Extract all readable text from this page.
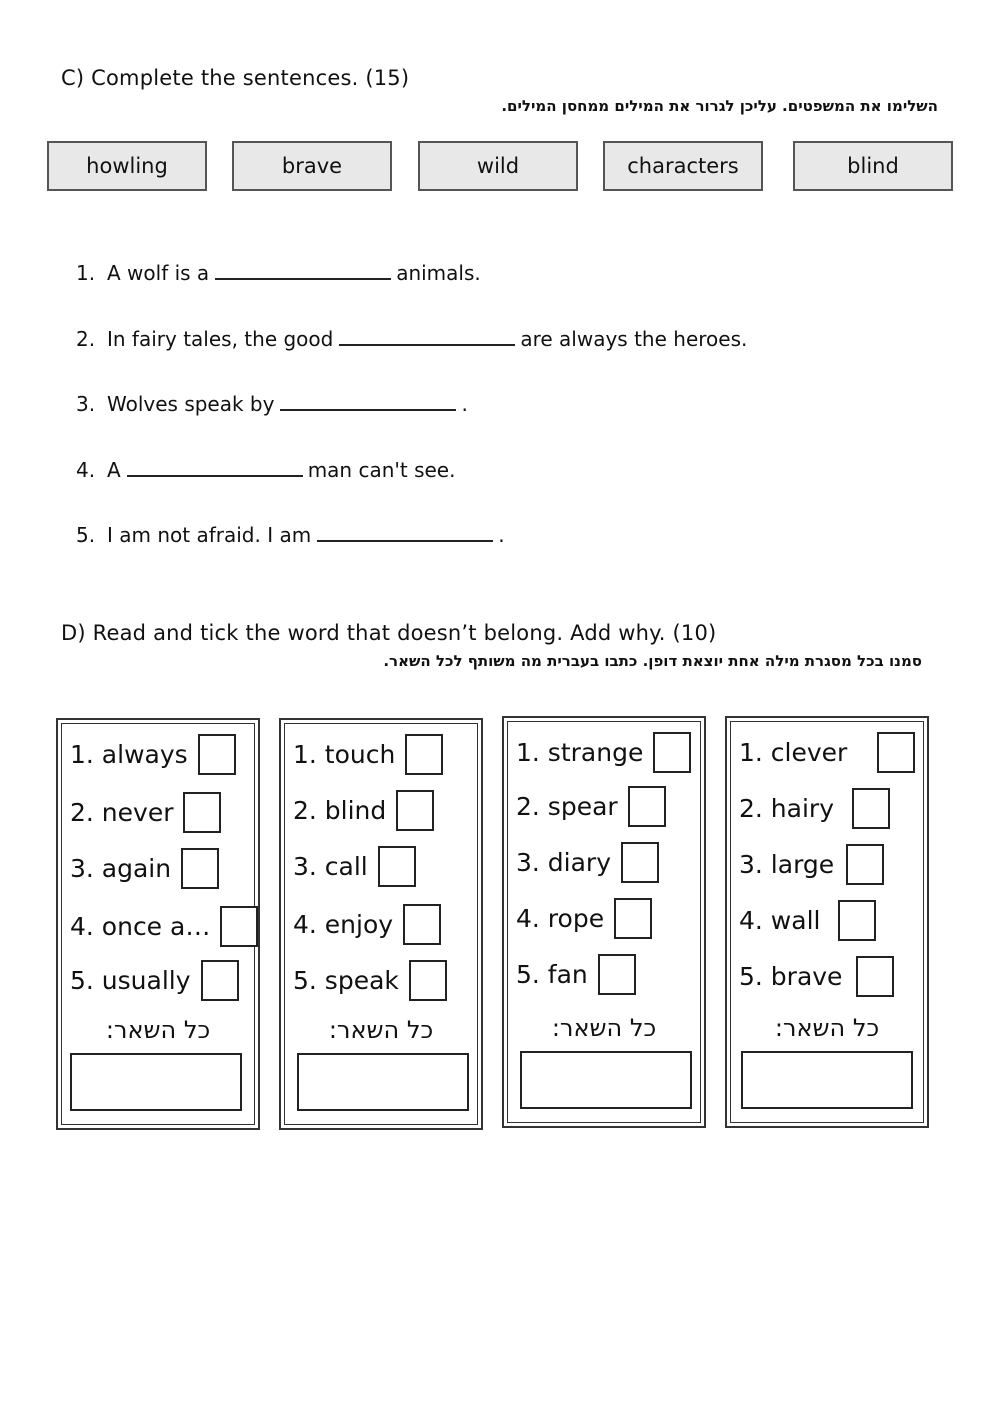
C) Complete the sentences. (15)
השלימו את המשפטים. עליכן לגרור את המילים ממחסן המילים.
howling	brave	wild	characters	blind
1. A wolf is a	animals.
2. In fairy tales, the good	are always the heroes.
3. Wolves speak by	.
4. A	man can't see.
5. I am not afraid. I am	.
D) Read and tick the word that doesn’t belong. Add why. (10)
סמנו בכל מסגרת מילה אחת יוצאת דופן. כתבו בעברית מה משותף לכל השאר.
1. always
2. never
3. again
4. once a…
5. usually
כל השאר:
1. touch
2. blind
3. call
4. enjoy
5. speak
כל השאר:
1. strange
2. spear
3. diary
4. rope
5. fan
כל השאר:
1. clever
2. hairy
3. large
4. wall
5. brave
כל השאר:
